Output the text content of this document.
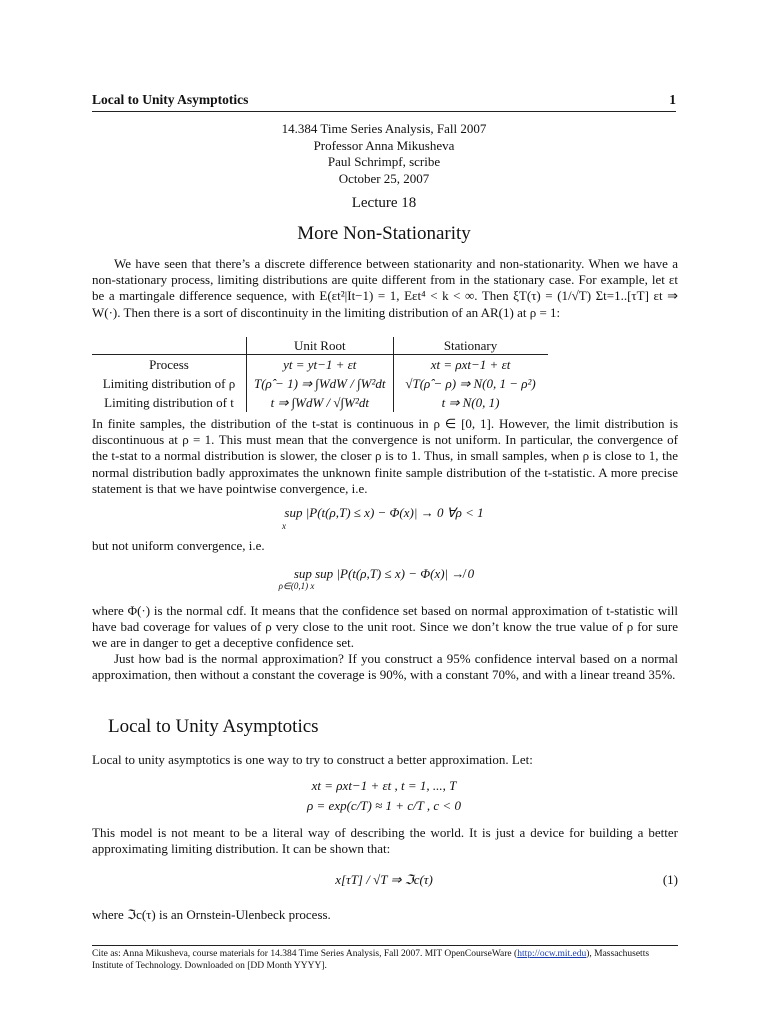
Local to Unity Asymptotics	1
14.384 Time Series Analysis, Fall 2007
Professor Anna Mikusheva
Paul Schrimpf, scribe
October 25, 2007
Lecture 18
More Non-Stationarity

We have seen that there’s a discrete difference between stationarity and non-stationarity. When we have a non-stationary process, limiting distributions are quite different from in the stationary case. For example, let εt be a martingale difference sequence, with E(εt²|It−1) = 1, Eεt⁴ < k < ∞. Then ξT(τ) = (1/√T) Σt=1..[τT] εt ⇒ W(·). Then there is a sort of discontinuity in the limiting distribution of an AR(1) at ρ = 1:

	Unit Root	Stationary
Process	yt = yt−1 + εt	xt = ρxt−1 + εt
Limiting distribution of ρ	T(ρ̂ − 1) ⇒ ∫WdW / ∫W²dt	√T(ρ̂ − ρ) ⇒ N(0, 1 − ρ²)
Limiting distribution of t	t ⇒ ∫WdW / √∫W²dt	t ⇒ N(0, 1)

In finite samples, the distribution of the t-stat is continuous in ρ ∈ [0, 1]. However, the limit distribution is discontinuous at ρ = 1. This must mean that the convergence is not uniform. In particular, the convergence of the t-stat to a normal distribution is slower, the closer ρ is to 1. Thus, in small samples, when ρ is close to 1, the normal distribution badly approximates the unknown finite sample distribution of the t-statistic. A more precise statement is that we have pointwise convergence, i.e.

sup |P(t(ρ,T) ≤ x) − Φ(x)| → 0 ∀ρ < 1
x

but not uniform convergence, i.e.

sup sup |P(t(ρ,T) ≤ x) − Φ(x)| ↛ 0
ρ∈(0,1) x

where Φ(·) is the normal cdf. It means that the confidence set based on normal approximation of t-statistic will have bad coverage for values of ρ very close to the unit root. Since we don’t know the true value of ρ for sure we are in danger to get a deceptive confidence set.

Just how bad is the normal approximation? If you construct a 95% confidence interval based on a normal approximation, then without a constant the coverage is 90%, with a constant 70%, and with a linear treand 35%.

Local to Unity Asymptotics

Local to unity asymptotics is one way to try to construct a better approximation. Let:

xt = ρxt−1 + εt , t = 1, ..., T
ρ = exp(c/T) ≈ 1 + c/T , c < 0

This model is not meant to be a literal way of describing the world. It is just a device for building a better approximating limiting distribution. It can be shown that:

x[τT] / √T ⇒ ℑc(τ)	(1)

where ℑc(τ) is an Ornstein-Ulenbeck process.

Cite as: Anna Mikusheva, course materials for 14.384 Time Series Analysis, Fall 2007. MIT OpenCourseWare (http://ocw.mit.edu), Massachusetts Institute of Technology. Downloaded on [DD Month YYYY].
